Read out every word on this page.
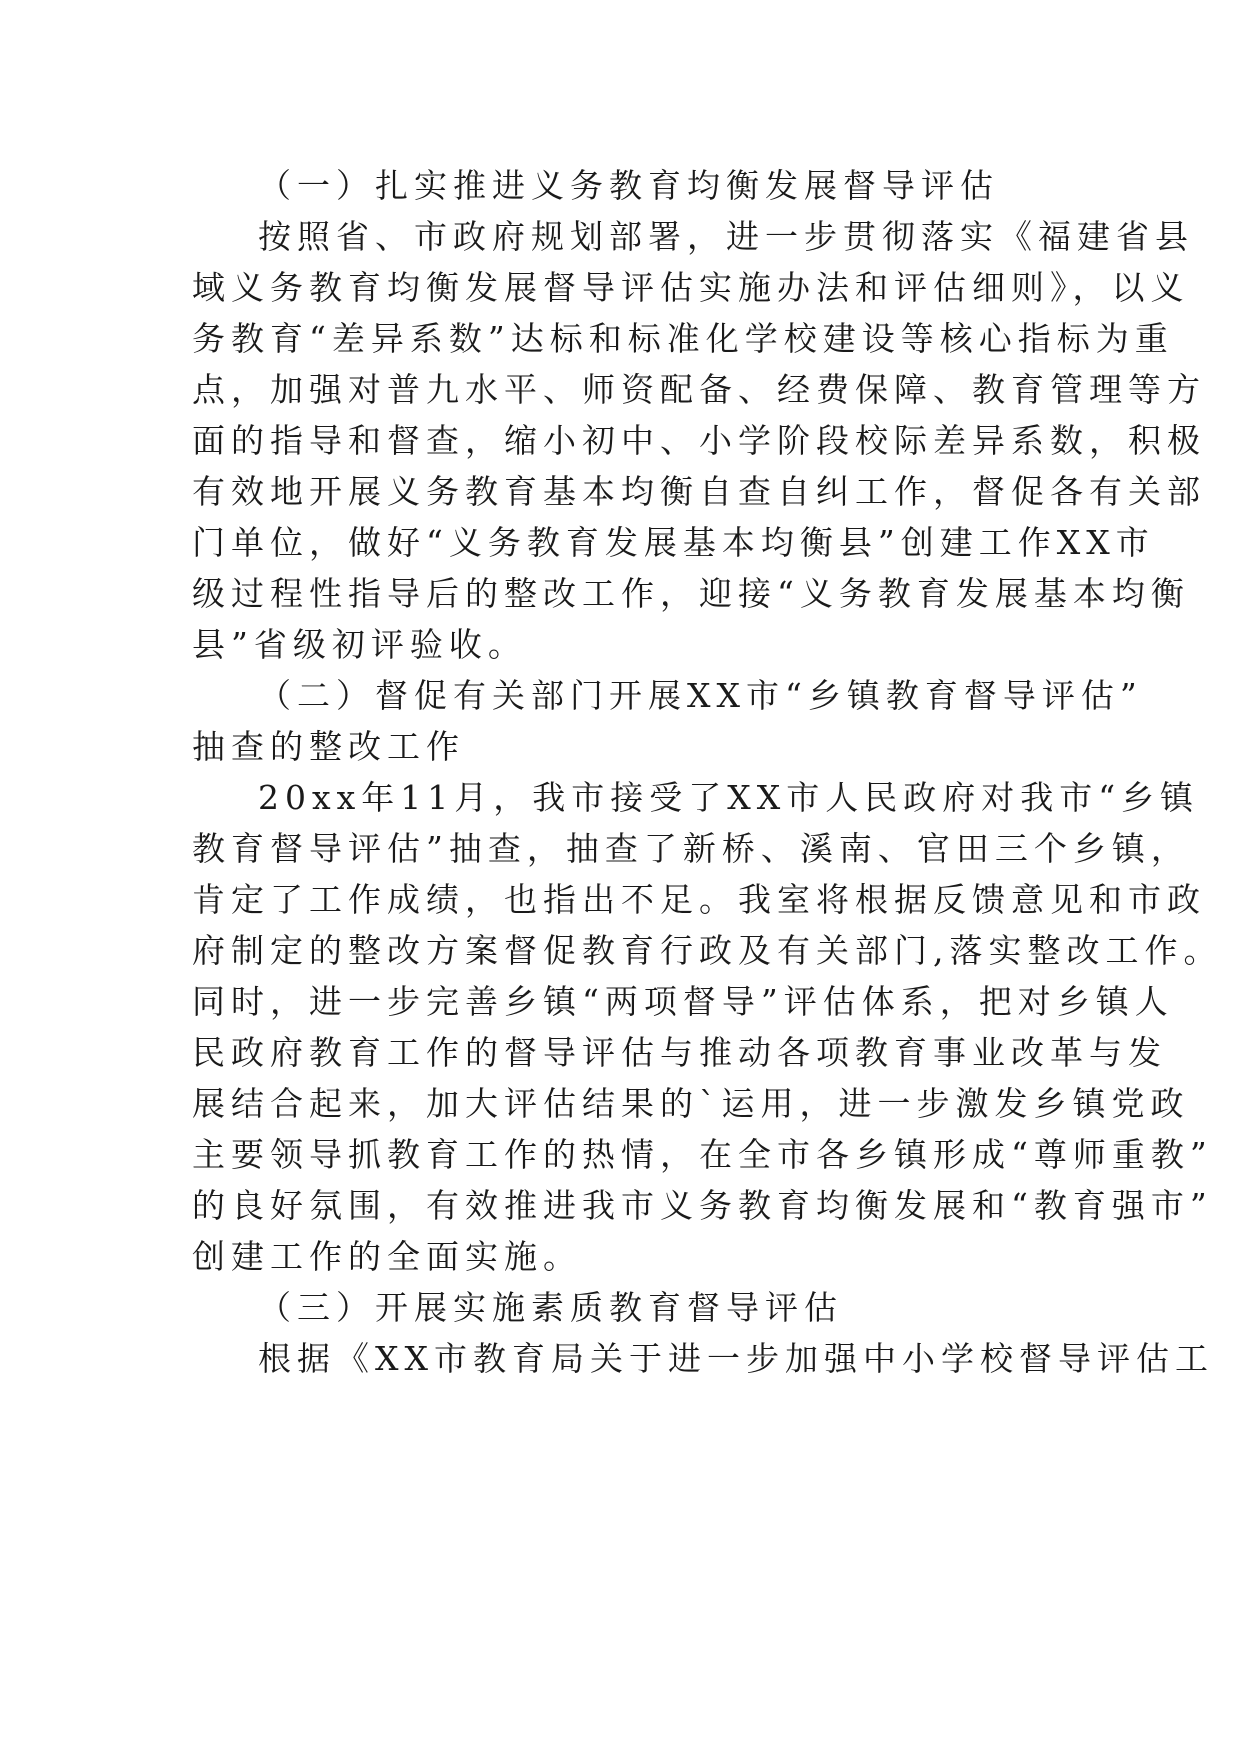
（一）扎实推进义务教育均衡发展督导评估
按照省、市政府规划部署，进一步贯彻落实《福建省县
域义务教育均衡发展督导评估实施办法和评估细则》，以义
务教育“差异系数”达标和标准化学校建设等核心指标为重
点，加强对普九水平、师资配备、经费保障、教育管理等方
面的指导和督查，缩小初中、小学阶段校际差异系数，积极
有效地开展义务教育基本均衡自查自纠工作，督促各有关部
门单位，做好“义务教育发展基本均衡县”创建工作XX市
级过程性指导后的整改工作，迎接“义务教育发展基本均衡
县”省级初评验收。
（二）督促有关部门开展XX市“乡镇教育督导评估”
抽查的整改工作
20xx年11月，我市接受了XX市人民政府对我市“乡镇
教育督导评估”抽查，抽查了新桥、溪南、官田三个乡镇，
肯定了工作成绩，也指出不足。我室将根据反馈意见和市政
府制定的整改方案督促教育行政及有关部门,落实整改工作。
同时，进一步完善乡镇“两项督导”评估体系，把对乡镇人
民政府教育工作的督导评估与推动各项教育事业改革与发
展结合起来，加大评估结果的`运用，进一步激发乡镇党政
主要领导抓教育工作的热情，在全市各乡镇形成“尊师重教”
的良好氛围，有效推进我市义务教育均衡发展和“教育强市”
创建工作的全面实施。
（三）开展实施素质教育督导评估
根据《XX市教育局关于进一步加强中小学校督导评估工
